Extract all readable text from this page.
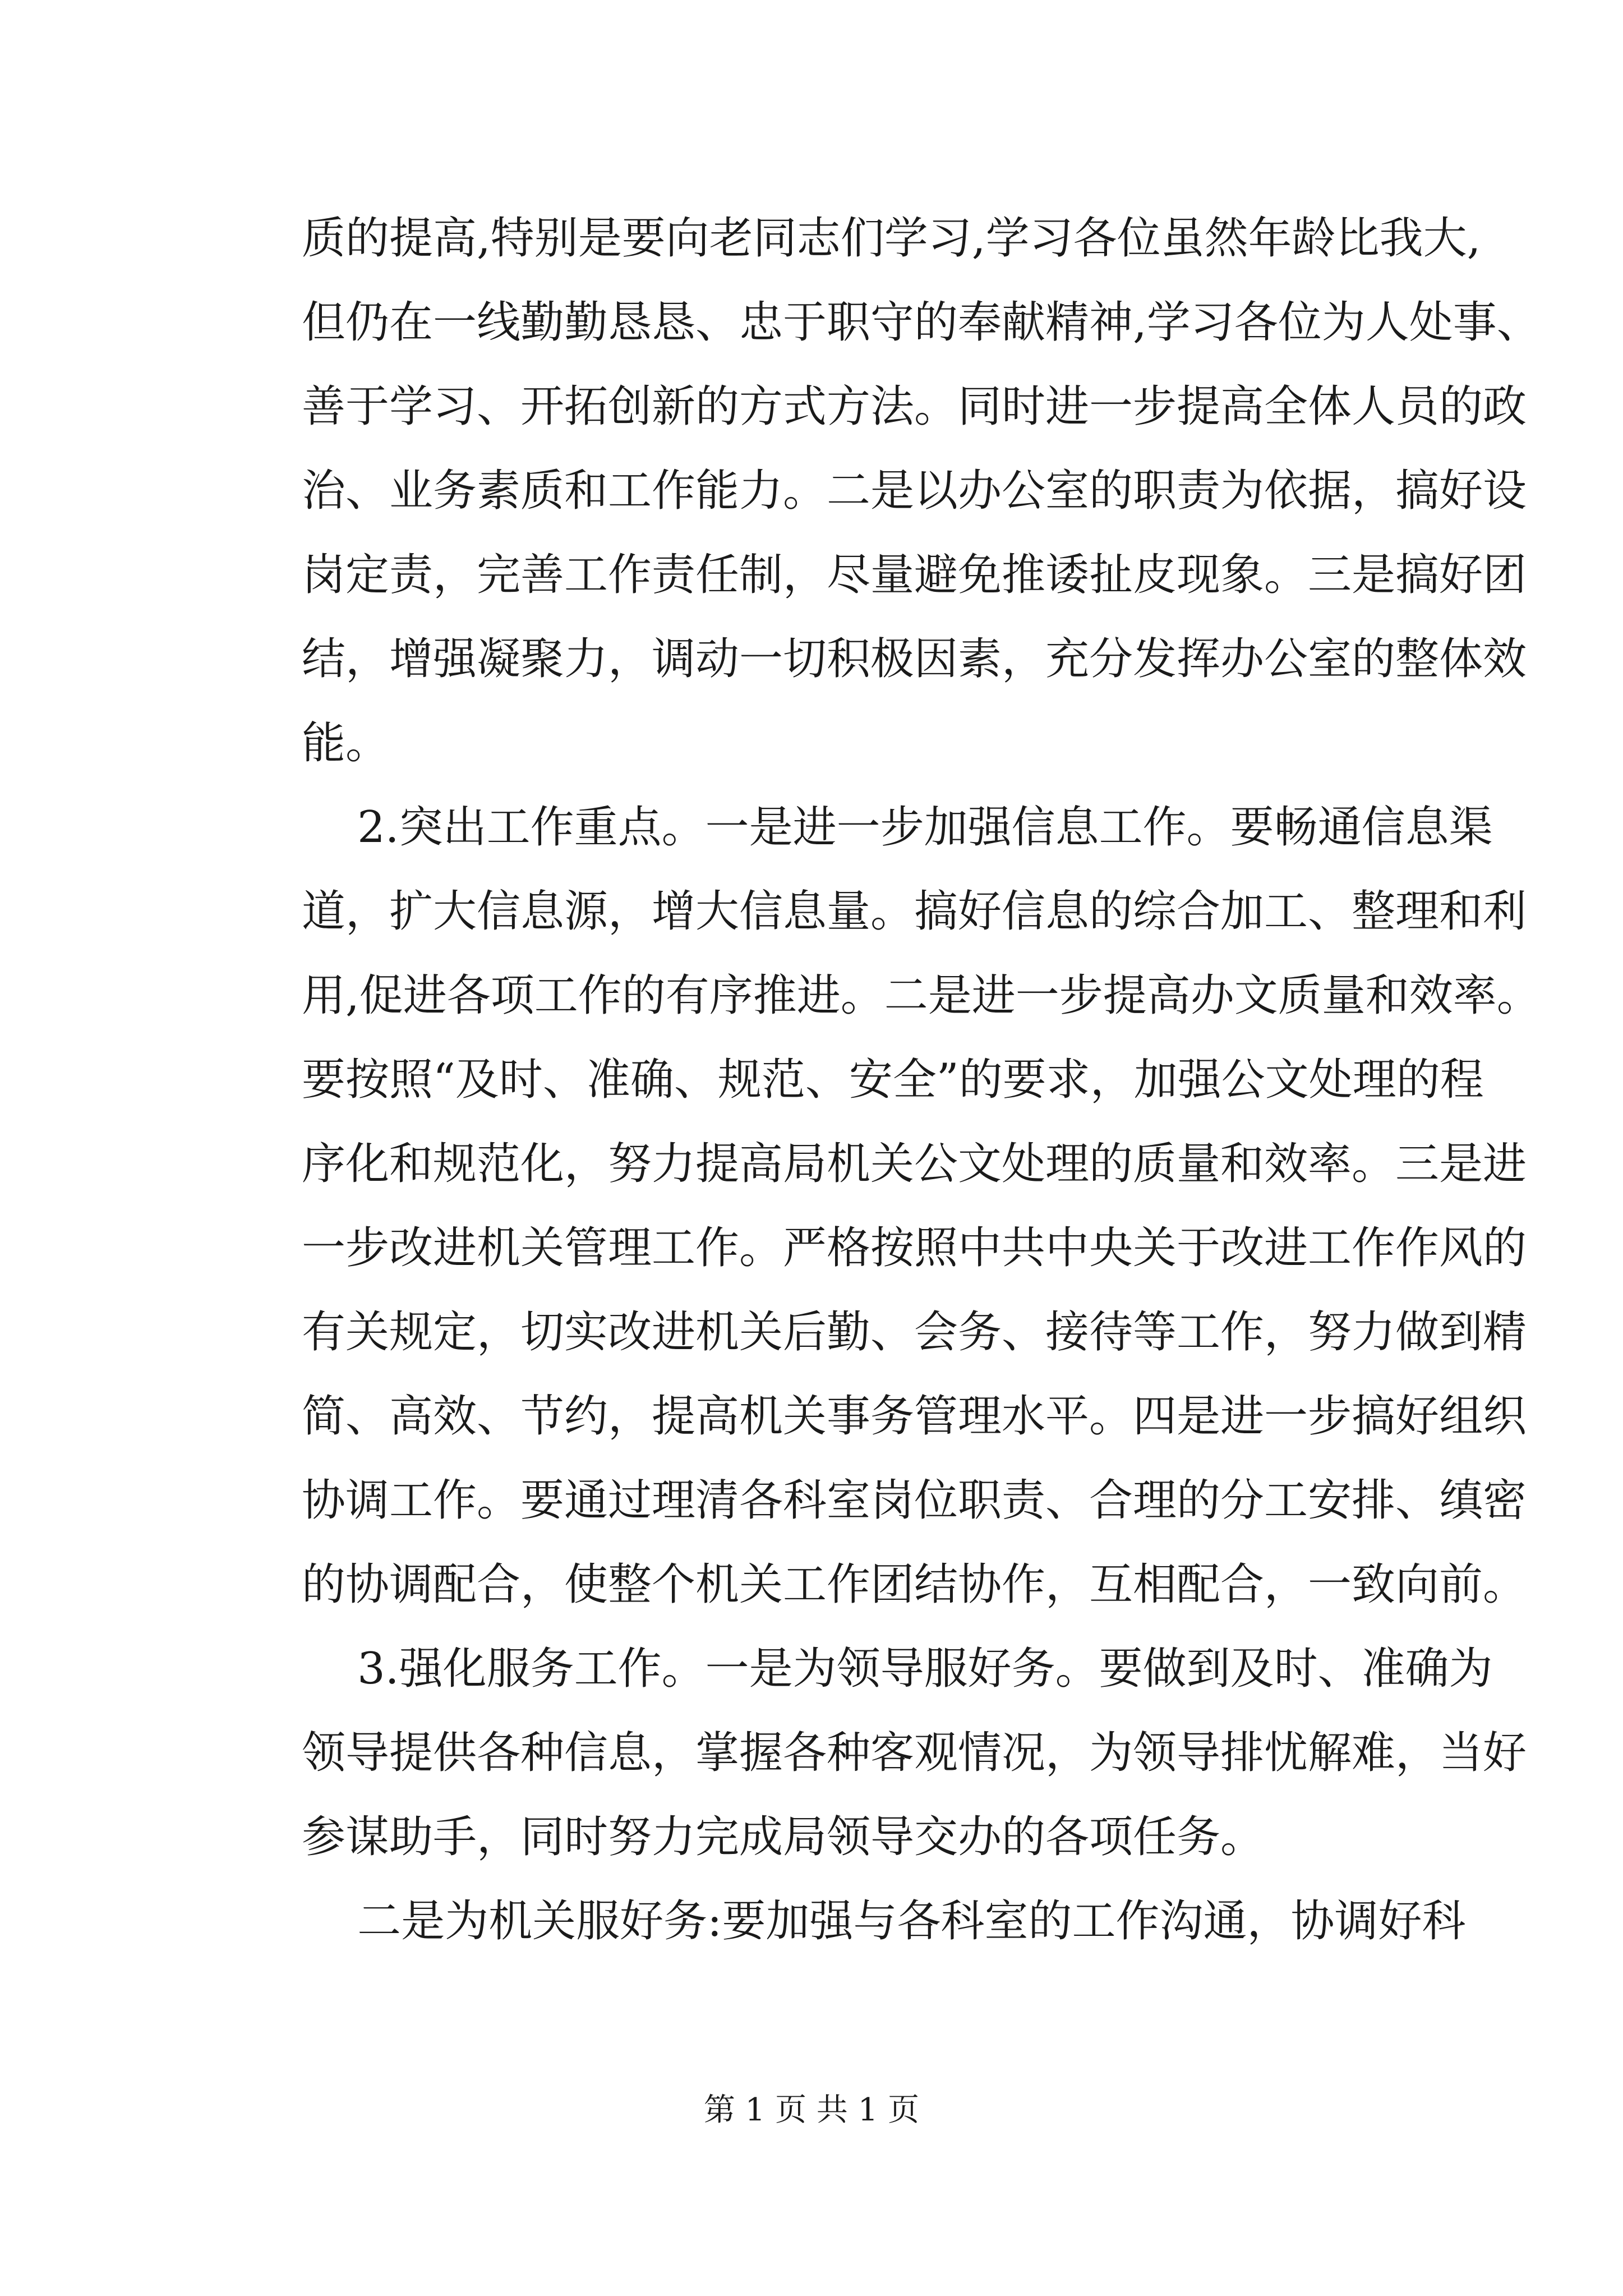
质的提高,特别是要向老同志们学习,学习各位虽然年龄比我大,
但仍在一线勤勤恳恳、忠于职守的奉献精神,学习各位为人处事、
善于学习、开拓创新的方式方法。同时进一步提高全体人员的政
治、业务素质和工作能力。二是以办公室的职责为依据，搞好设
岗定责，完善工作责任制，尽量避免推诿扯皮现象。三是搞好团
结，增强凝聚力，调动一切积极因素，充分发挥办公室的整体效
能。
2.突出工作重点。一是进一步加强信息工作。要畅通信息渠
道，扩大信息源，增大信息量。搞好信息的综合加工、整理和利
用,促进各项工作的有序推进。二是进一步提高办文质量和效率。
要按照“及时、准确、规范、安全”的要求，加强公文处理的程
序化和规范化，努力提高局机关公文处理的质量和效率。三是进
一步改进机关管理工作。严格按照中共中央关于改进工作作风的
有关规定，切实改进机关后勤、会务、接待等工作，努力做到精
简、高效、节约，提高机关事务管理水平。四是进一步搞好组织
协调工作。要通过理清各科室岗位职责、合理的分工安排、缜密
的协调配合，使整个机关工作团结协作，互相配合，一致向前。
3.强化服务工作。一是为领导服好务。要做到及时、准确为
领导提供各种信息，掌握各种客观情况，为领导排忧解难，当好
参谋助手，同时努力完成局领导交办的各项任务。
二是为机关服好务:要加强与各科室的工作沟通，协调好科
第 1 页 共 1 页
